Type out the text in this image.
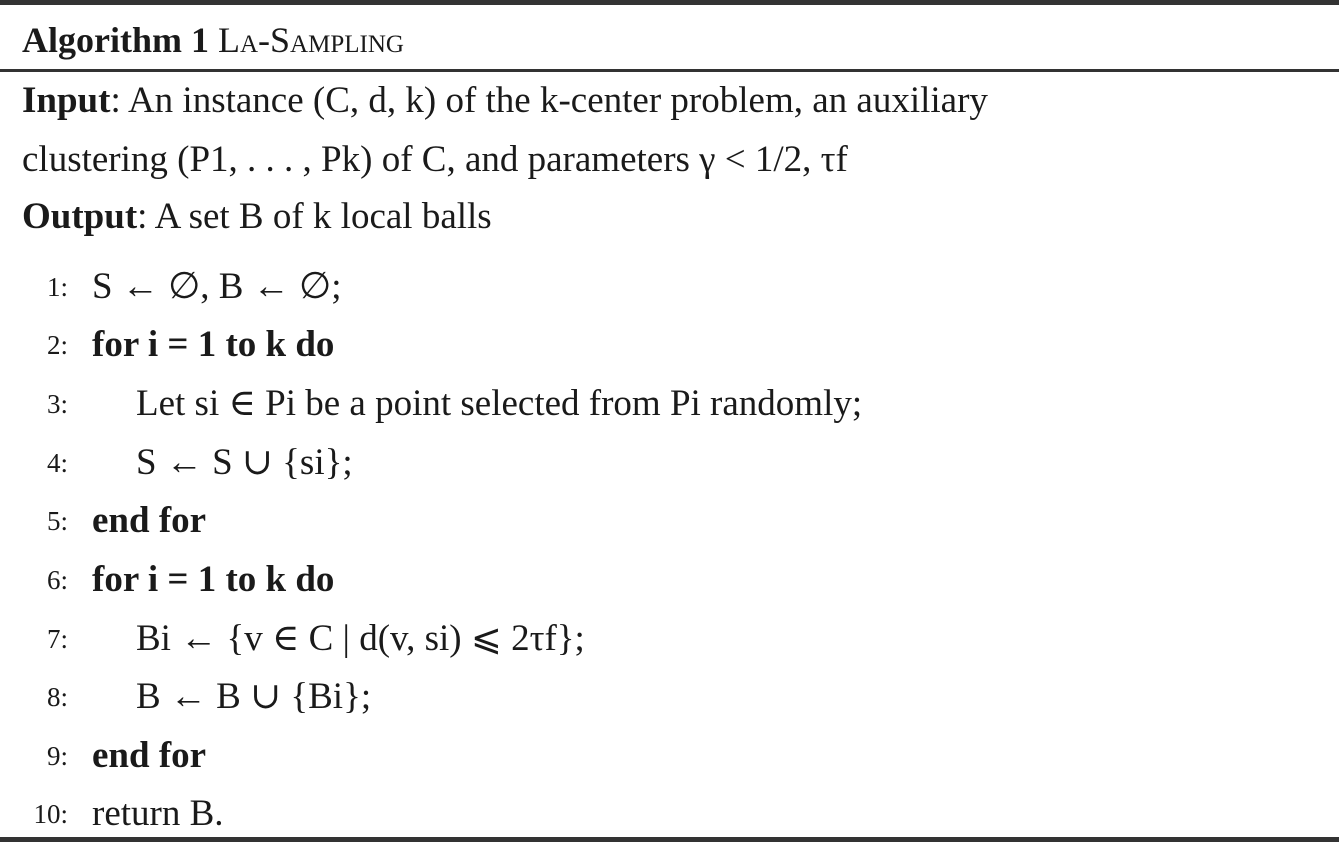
Algorithm 1 La-Sampling
Input: An instance (C, d, k) of the k-center problem, an auxiliary
clustering (P1, . . . , Pk) of C, and parameters γ < 1/2, τf
Output: A set B of k local balls
1: S ← ∅, B ← ∅;
2: for i = 1 to k do
3: Let si ∈ Pi be a point selected from Pi randomly;
4: S ← S ∪ {si};
5: end for
6: for i = 1 to k do
7: Bi ← {v ∈ C | d(v, si) ⩽ 2τf};
8: B ← B ∪ {Bi};
9: end for
10: return B.
